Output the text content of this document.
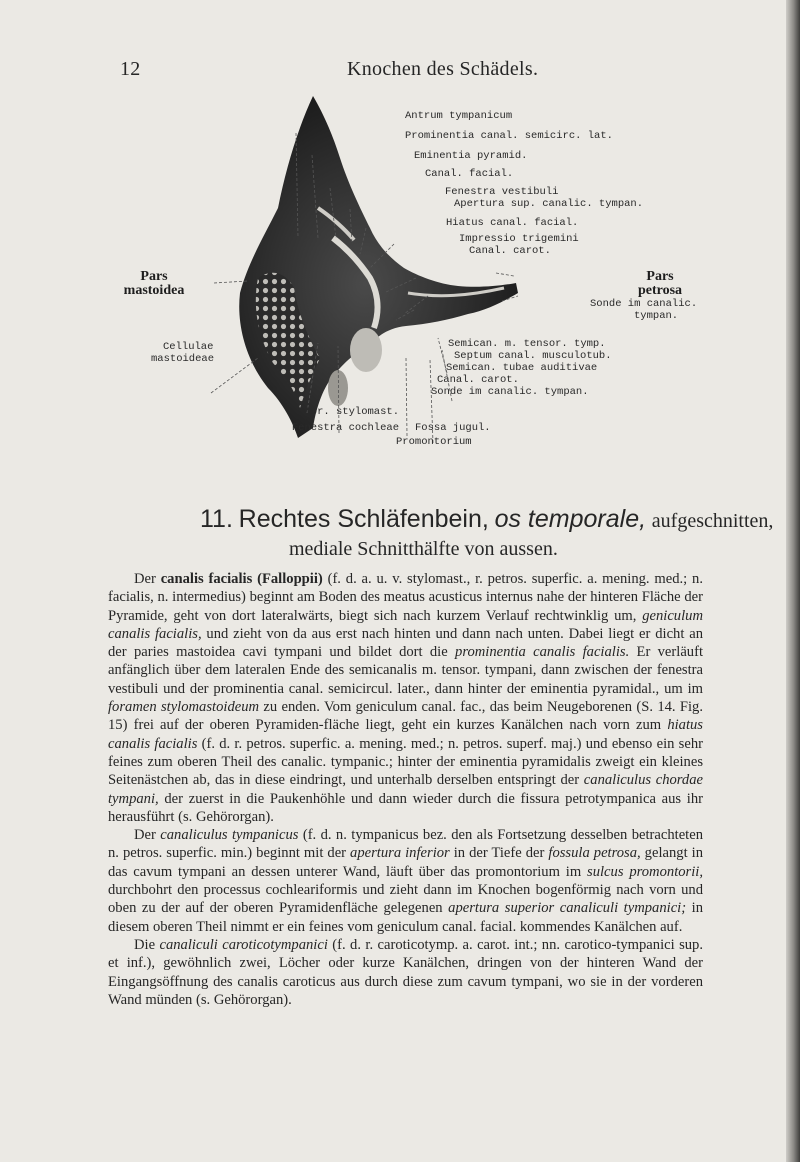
12	Knochen des Schädels.
Antrum tympanicum
Prominentia canal. semicirc. lat.
Eminentia pyramid.
Canal. facial.
Fenestra vestibuli
Apertura sup. canalic. tympan.
Hiatus canal. facial.
Impressio trigemini
Canal. carot.
Pars
petrosa
Sonde im canalic.
tympan.
Semican. m. tensor. tymp.
Septum canal. musculotub.
Semican. tubae auditivae
Canal. carot.
Sonde im canalic. tympan.
For. stylomast.
Fenestra cochleae Fossa jugul.
Promontorium
Cellulae
mastoideae
Pars
mastoidea
11. Rechtes Schläfenbein, os temporale, aufgeschnitten,
mediale Schnitthälfte von aussen.

Der canalis facialis (Falloppii) (f. d. a. u. v. stylomast., r. petros. superfic. a. mening. med.; n. facialis, n. intermedius) beginnt am Boden des meatus acusticus internus nahe der hinteren Fläche der Pyramide, geht von dort lateralwärts, biegt sich nach kurzem Verlauf rechtwinklig um, geniculum canalis facialis, und zieht von da aus erst nach hinten und dann nach unten. Dabei liegt er dicht an der paries mastoidea cavi tympani und bildet dort die prominentia canalis facialis. Er verläuft anfänglich über dem lateralen Ende des semicanalis m. tensor. tympani, dann zwischen der fenestra vestibuli und der prominentia canal. semicircul. later., dann hinter der eminentia pyramidal., um im foramen stylomastoideum zu enden. Vom geniculum canal. fac., das beim Neugeborenen (S. 14. Fig. 15) frei auf der oberen Pyramiden-fläche liegt, geht ein kurzes Kanälchen nach vorn zum hiatus canalis facialis (f. d. r. petros. superfic. a. mening. med.; n. petros. superf. maj.) und ebenso ein sehr feines zum oberen Theil des canalic. tympanic.; hinter der eminentia pyramidalis zweigt ein kleines Seitenästchen ab, das in diese eindringt, und unterhalb derselben entspringt der canaliculus chordae tympani, der zuerst in die Paukenhöhle und dann wieder durch die fissura petrotympanica aus ihr herausführt (s. Gehörorgan).

Der canaliculus tympanicus (f. d. n. tympanicus bez. den als Fortsetzung desselben betrachteten n. petros. superfic. min.) beginnt mit der apertura inferior in der Tiefe der fossula petrosa, gelangt in das cavum tympani an dessen unterer Wand, läuft über das promontorium im sulcus promontorii, durchbohrt den processus cochleariformis und zieht dann im Knochen bogenförmig nach vorn und oben zu der auf der oberen Pyramidenfläche gelegenen apertura superior canaliculi tympanici; in diesem oberen Theil nimmt er ein feines vom geniculum canal. facial. kommendes Kanälchen auf.

Die canaliculi caroticotympanici (f. d. r. caroticotymp. a. carot. int.; nn. carotico-tympanici sup. et inf.), gewöhnlich zwei, Löcher oder kurze Kanälchen, dringen von der hinteren Wand der Eingangsöffnung des canalis caroticus aus durch diese zum cavum tympani, wo sie in der vorderen Wand münden (s. Gehörorgan).
